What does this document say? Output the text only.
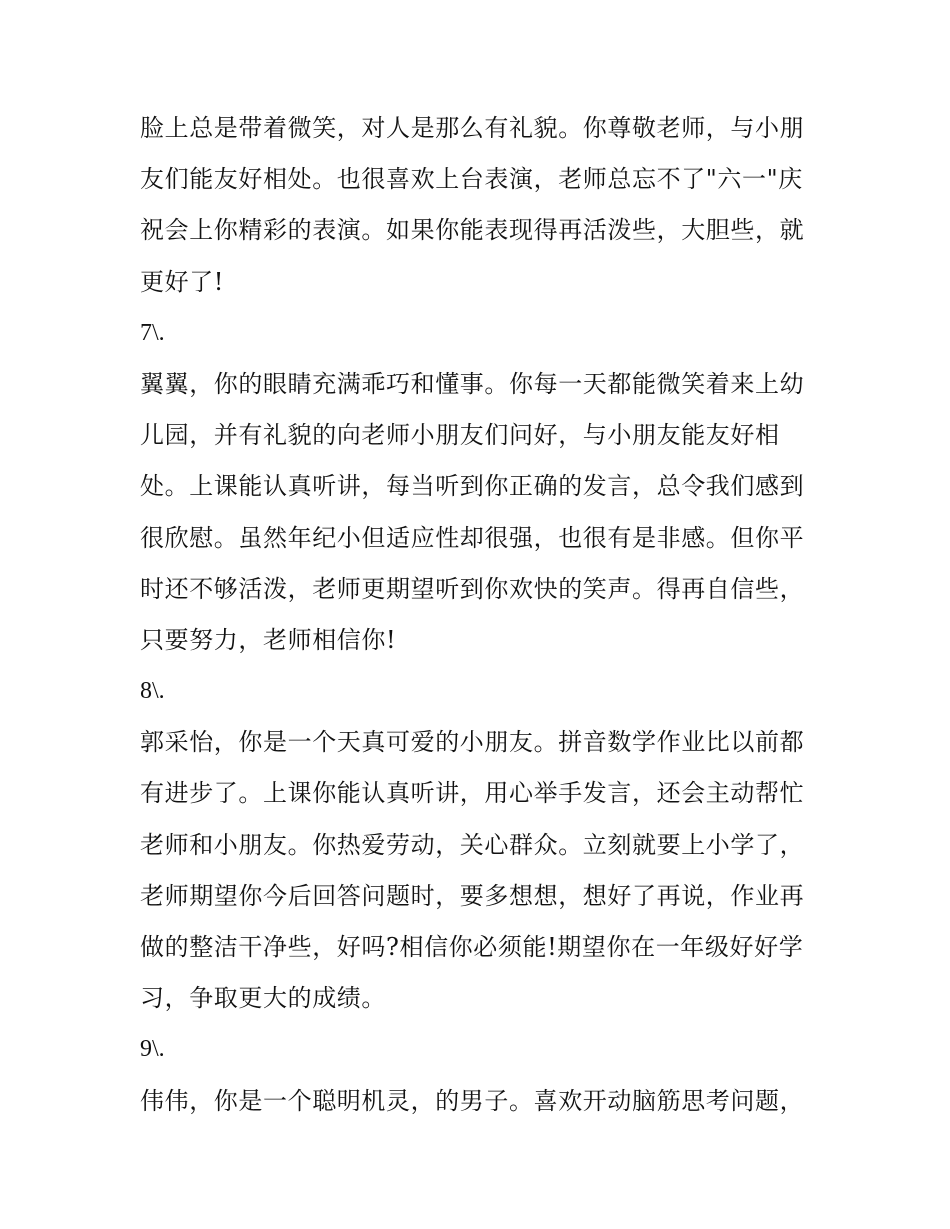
脸上总是带着微笑，对人是那么有礼貌。你尊敬老师，与小朋
友们能友好相处。也很喜欢上台表演，老师总忘不了"六一"庆
祝会上你精彩的表演。如果你能表现得再活泼些，大胆些，就
更好了!
7\.
翼翼，你的眼睛充满乖巧和懂事。你每一天都能微笑着来上幼
儿园，并有礼貌的向老师小朋友们问好，与小朋友能友好相
处。上课能认真听讲，每当听到你正确的发言，总令我们感到
很欣慰。虽然年纪小但适应性却很强，也很有是非感。但你平
时还不够活泼，老师更期望听到你欢快的笑声。得再自信些，
只要努力，老师相信你!
8\.
郭采怡，你是一个天真可爱的小朋友。拼音数学作业比以前都
有进步了。上课你能认真听讲，用心举手发言，还会主动帮忙
老师和小朋友。你热爱劳动，关心群众。立刻就要上小学了，
老师期望你今后回答问题时，要多想想，想好了再说，作业再
做的整洁干净些，好吗?相信你必须能!期望你在一年级好好学
习，争取更大的成绩。
9\.
伟伟，你是一个聪明机灵，的男子。喜欢开动脑筋思考问题，
